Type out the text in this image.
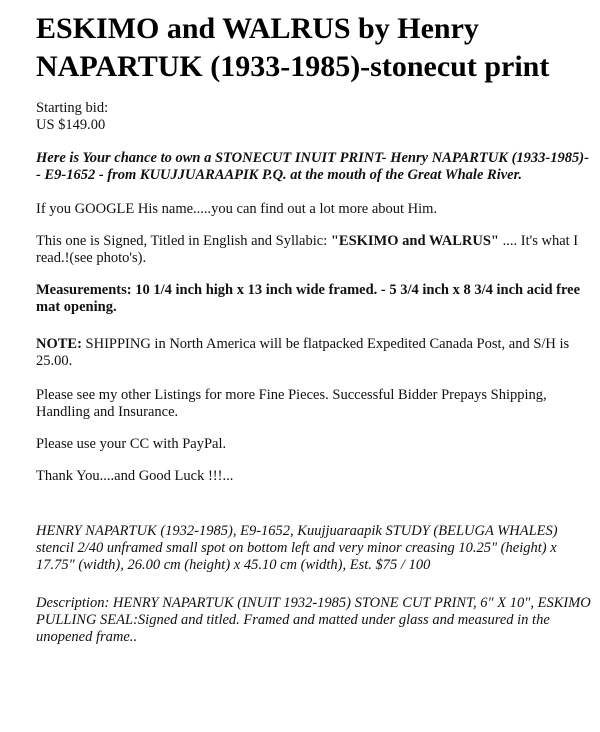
ESKIMO and WALRUS by Henry NAPARTUK (1933-1985)-stonecut print

Starting bid:

US $149.00

Here is Your chance to own a STONECUT INUIT PRINT- Henry NAPARTUK (1933-1985)- - E9-1652 - from KUUJJUARAAPIK P.Q. at the mouth of the Great Whale River.

If you GOOGLE His name.....you can find out a lot more about Him.

This one is Signed, Titled in English and Syllabic: "ESKIMO and WALRUS" .... It's what I read.!(see photo's).

Measurements: 10 1/4 inch high x 13 inch wide framed. - 5 3/4 inch x 8 3/4 inch acid free mat opening.

NOTE: SHIPPING in North America will be flatpacked Expedited Canada Post, and S/H is 25.00.

Please see my other Listings for more Fine Pieces. Successful Bidder Prepays Shipping, Handling and Insurance.

Please use your CC with PayPal.

Thank You....and Good Luck !!!...

HENRY NAPARTUK (1932-1985), E9-1652, Kuujjuaraapik STUDY (BELUGA WHALES) stencil 2/40 unframed small spot on bottom left and very minor creasing 10.25" (height) x 17.75" (width), 26.00 cm (height) x 45.10 cm (width), Est. $75 / 100

Description: HENRY NAPARTUK (INUIT 1932-1985) STONE CUT PRINT, 6" X 10", ESKIMO PULLING SEAL:Signed and titled. Framed and matted under glass and measured in the unopened frame..
